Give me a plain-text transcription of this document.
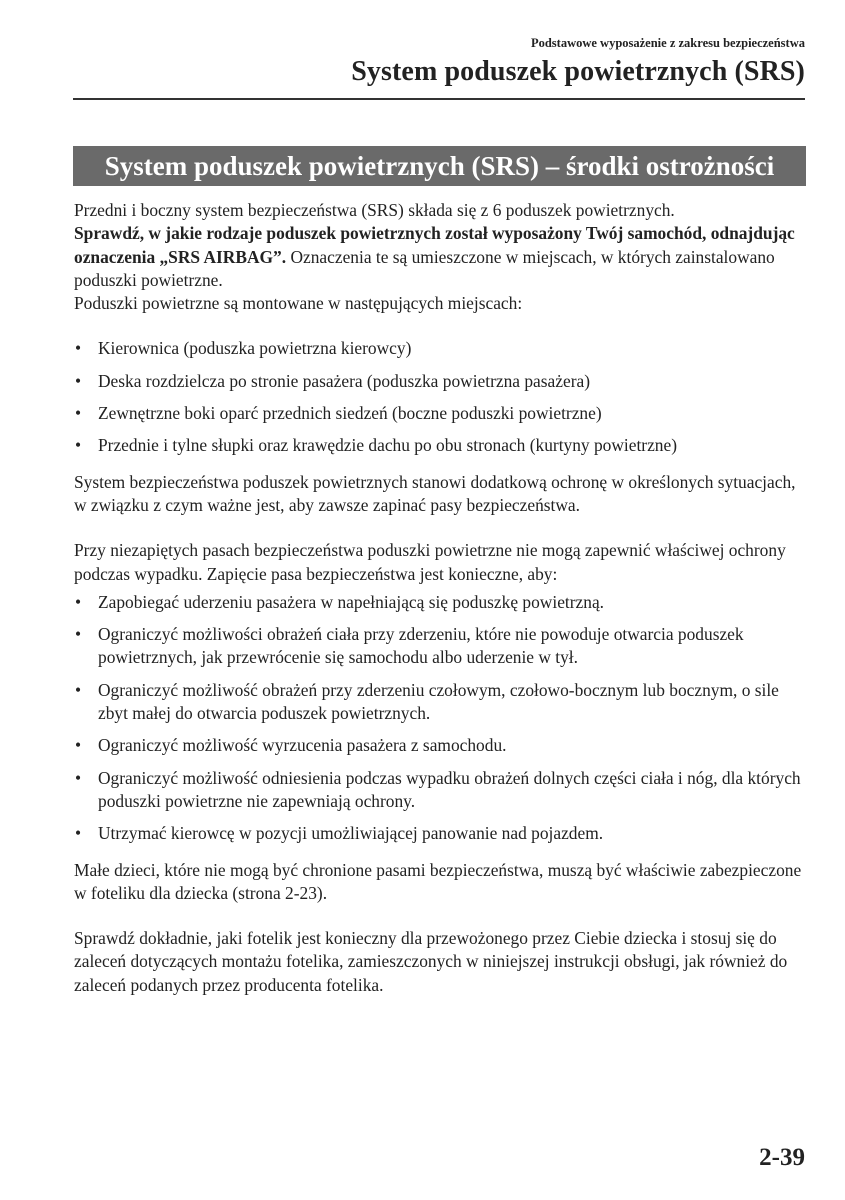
Podstawowe wyposażenie z zakresu bezpieczeństwa
System poduszek powietrznych (SRS)
System poduszek powietrznych (SRS) – środki ostrożności

Przedni i boczny system bezpieczeństwa (SRS) składa się z 6 poduszek powietrznych.
Sprawdź, w jakie rodzaje poduszek powietrznych został wyposażony Twój samochód, odnajdując oznaczenia „SRS AIRBAG”. Oznaczenia te są umieszczone w miejscach, w których zainstalowano poduszki powietrzne.
Poduszki powietrzne są montowane w następujących miejscach:

• Kierownica (poduszka powietrzna kierowcy)
• Deska rozdzielcza po stronie pasażera (poduszka powietrzna pasażera)
• Zewnętrzne boki oparć przednich siedzeń (boczne poduszki powietrzne)
• Przednie i tylne słupki oraz krawędzie dachu po obu stronach (kurtyny powietrzne)

System bezpieczeństwa poduszek powietrznych stanowi dodatkową ochronę w określonych sytuacjach, w związku z czym ważne jest, aby zawsze zapinać pasy bezpieczeństwa.

Przy niezapiętych pasach bezpieczeństwa poduszki powietrzne nie mogą zapewnić właściwej ochrony podczas wypadku. Zapięcie pasa bezpieczeństwa jest konieczne, aby:

• Zapobiegać uderzeniu pasażera w napełniającą się poduszkę powietrzną.
• Ograniczyć możliwości obrażeń ciała przy zderzeniu, które nie powoduje otwarcia poduszek powietrznych, jak przewrócenie się samochodu albo uderzenie w tył.
• Ograniczyć możliwość obrażeń przy zderzeniu czołowym, czołowo-bocznym lub bocznym, o sile zbyt małej do otwarcia poduszek powietrznych.
• Ograniczyć możliwość wyrzucenia pasażera z samochodu.
• Ograniczyć możliwość odniesienia podczas wypadku obrażeń dolnych części ciała i nóg, dla których poduszki powietrzne nie zapewniają ochrony.
• Utrzymać kierowcę w pozycji umożliwiającej panowanie nad pojazdem.

Małe dzieci, które nie mogą być chronione pasami bezpieczeństwa, muszą być właściwie zabezpieczone w foteliku dla dziecka (strona 2-23).

Sprawdź dokładnie, jaki fotelik jest konieczny dla przewożonego przez Ciebie dziecka i stosuj się do zaleceń dotyczących montażu fotelika, zamieszczonych w niniejszej instrukcji obsługi, jak również do zaleceń podanych przez producenta fotelika.

2-39
